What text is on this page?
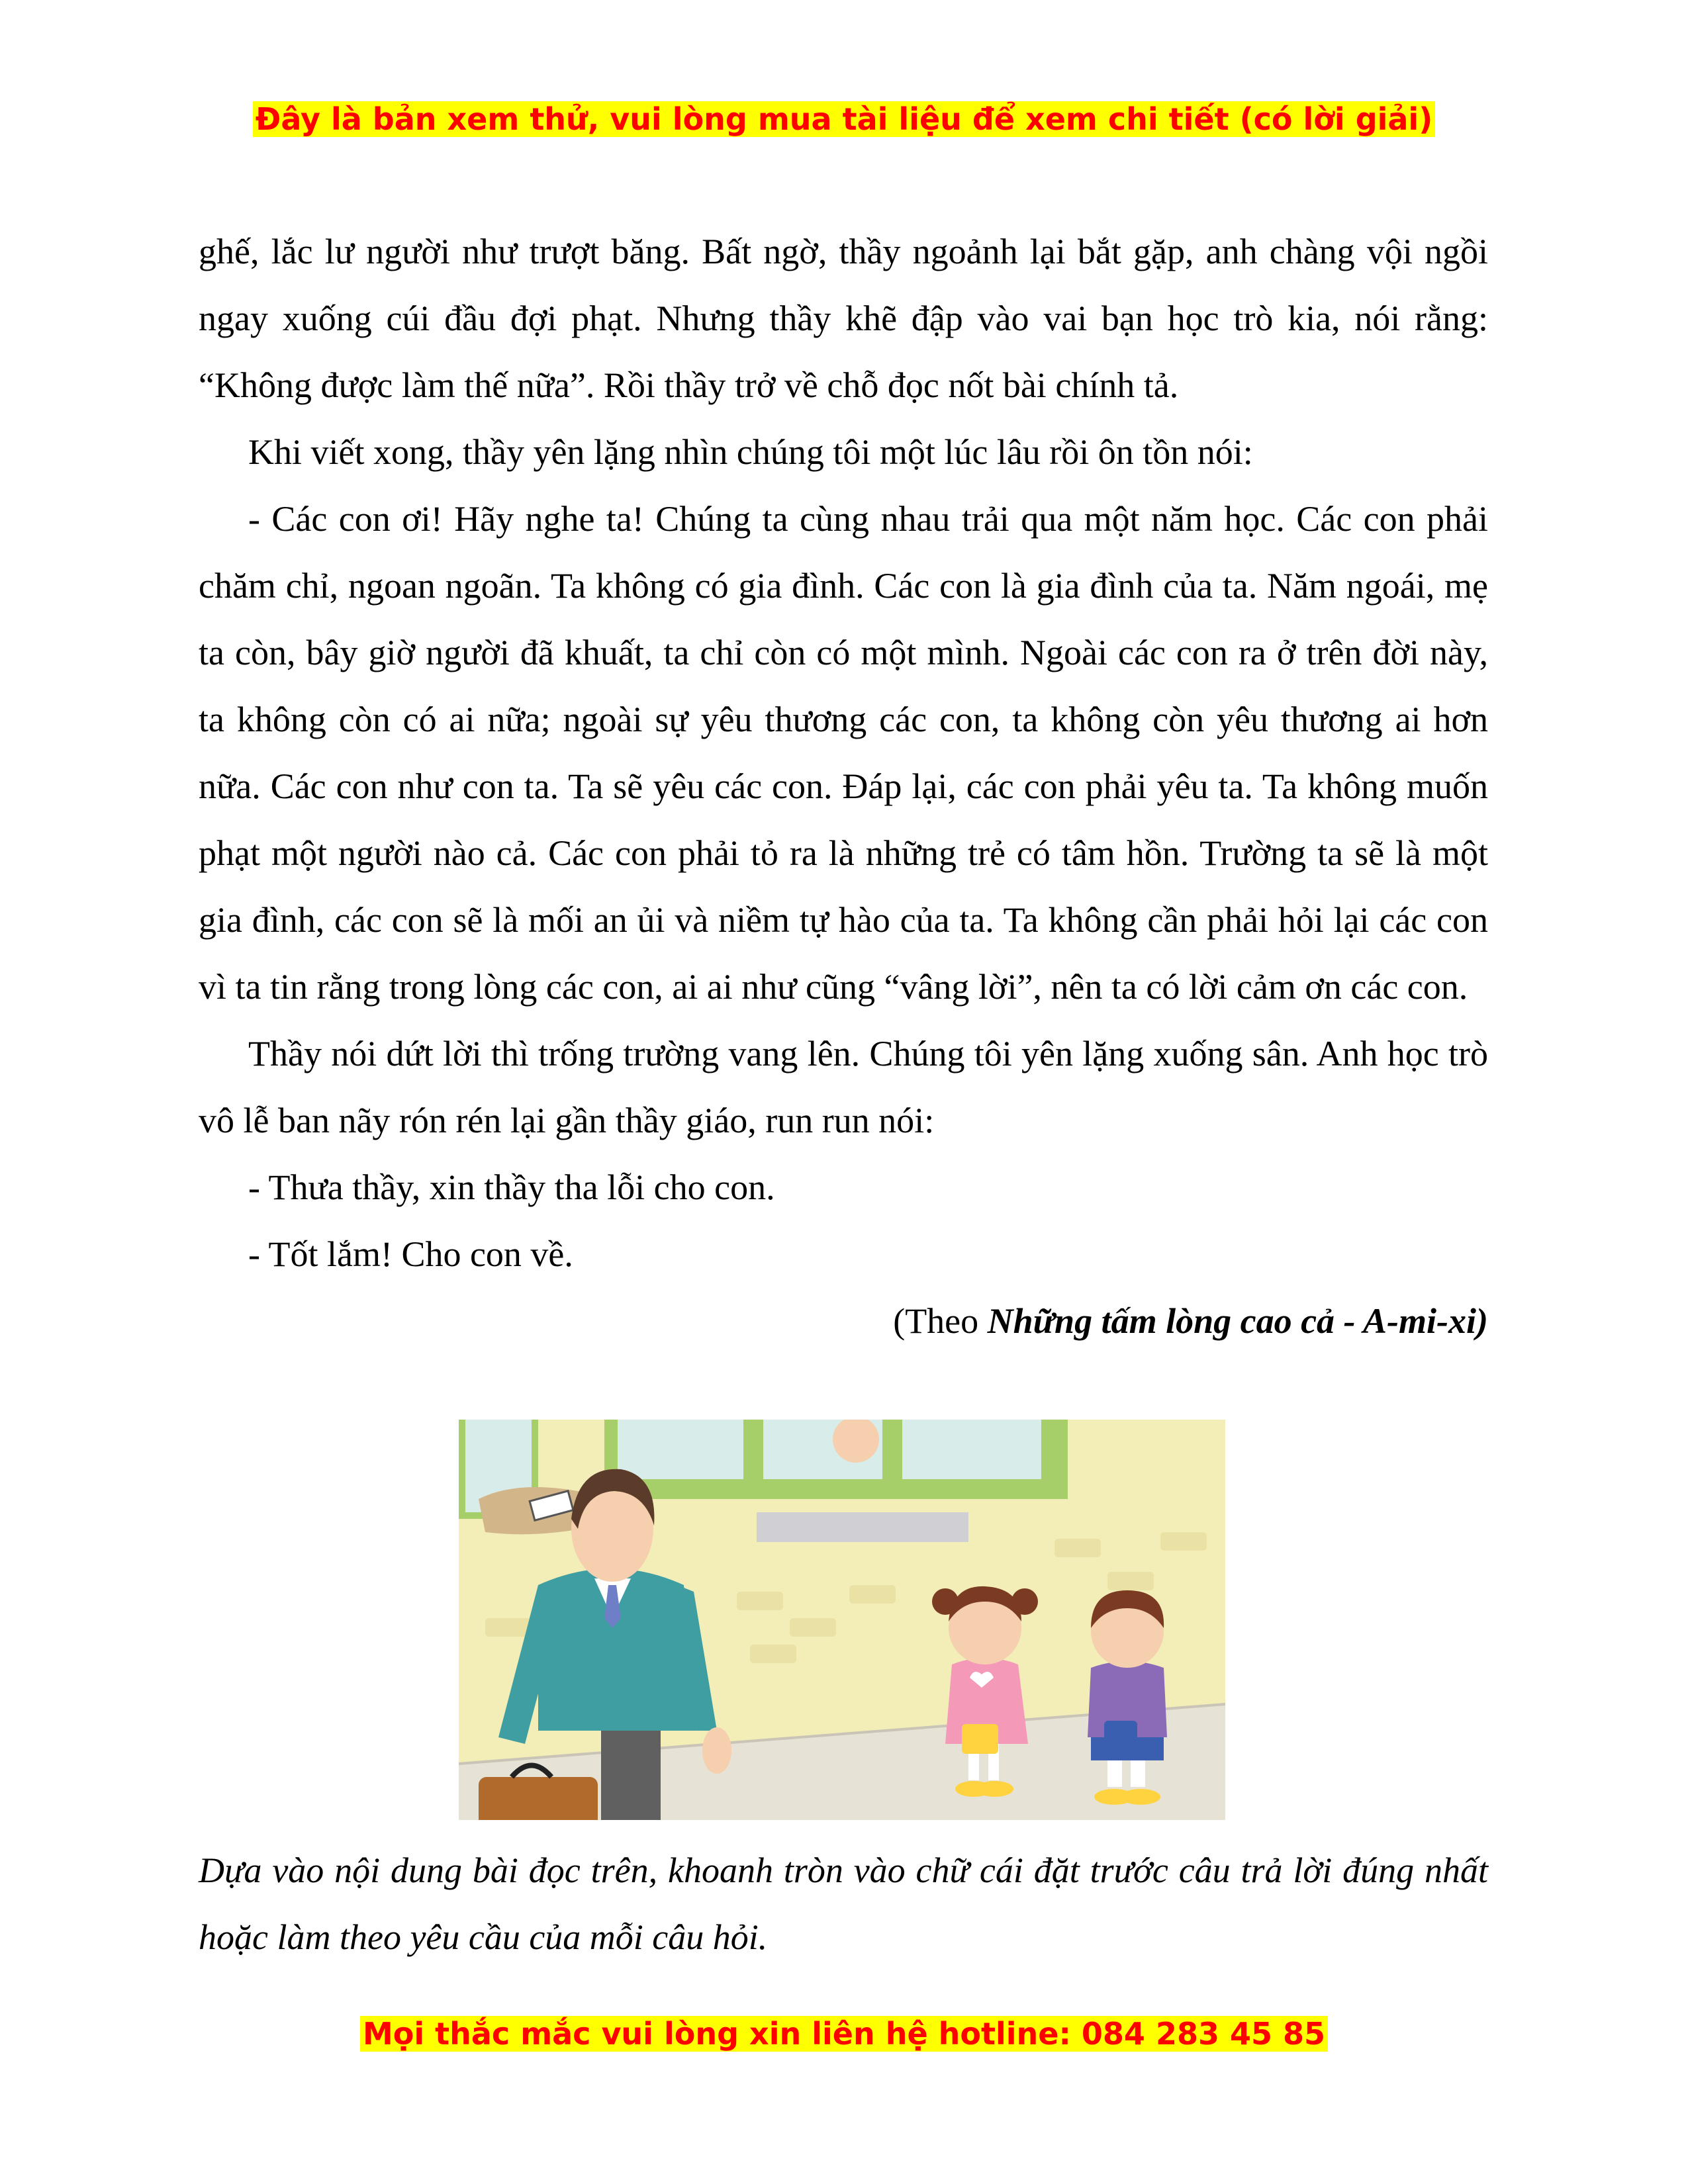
Đây là bản xem thử, vui lòng mua tài liệu để xem chi tiết (có lời giải)

ghế, lắc lư người như trượt băng. Bất ngờ, thầy ngoảnh lại bắt gặp, anh chàng vội ngồi ngay xuống cúi đầu đợi phạt. Nhưng thầy khẽ đập vào vai bạn học trò kia, nói rằng: “Không được làm thế nữa”. Rồi thầy trở về chỗ đọc nốt bài chính tả.

Khi viết xong, thầy yên lặng nhìn chúng tôi một lúc lâu rồi ôn tồn nói:

- Các con ơi! Hãy nghe ta! Chúng ta cùng nhau trải qua một năm học. Các con phải chăm chỉ, ngoan ngoãn. Ta không có gia đình. Các con là gia đình của ta. Năm ngoái, mẹ ta còn, bây giờ người đã khuất, ta chỉ còn có một mình. Ngoài các con ra ở trên đời này, ta không còn có ai nữa; ngoài sự yêu thương các con, ta không còn yêu thương ai hơn nữa. Các con như con ta. Ta sẽ yêu các con. Đáp lại, các con phải yêu ta. Ta không muốn phạt một người nào cả. Các con phải tỏ ra là những trẻ có tâm hồn. Trường ta sẽ là một gia đình, các con sẽ là mối an ủi và niềm tự hào của ta. Ta không cần phải hỏi lại các con vì ta tin rằng trong lòng các con, ai ai như cũng “vâng lời”, nên ta có lời cảm ơn các con.

Thầy nói dứt lời thì trống trường vang lên. Chúng tôi yên lặng xuống sân. Anh học trò vô lễ ban nãy rón rén lại gần thầy giáo, run run nói:

- Thưa thầy, xin thầy tha lỗi cho con.

- Tốt lắm! Cho con về.

(Theo Những tấm lòng cao cả - A-mi-xi)

Dựa vào nội dung bài đọc trên, khoanh tròn vào chữ cái đặt trước câu trả lời đúng nhất hoặc làm theo yêu cầu của mỗi câu hỏi.

Mọi thắc mắc vui lòng xin liên hệ hotline: 084 283 45 85
